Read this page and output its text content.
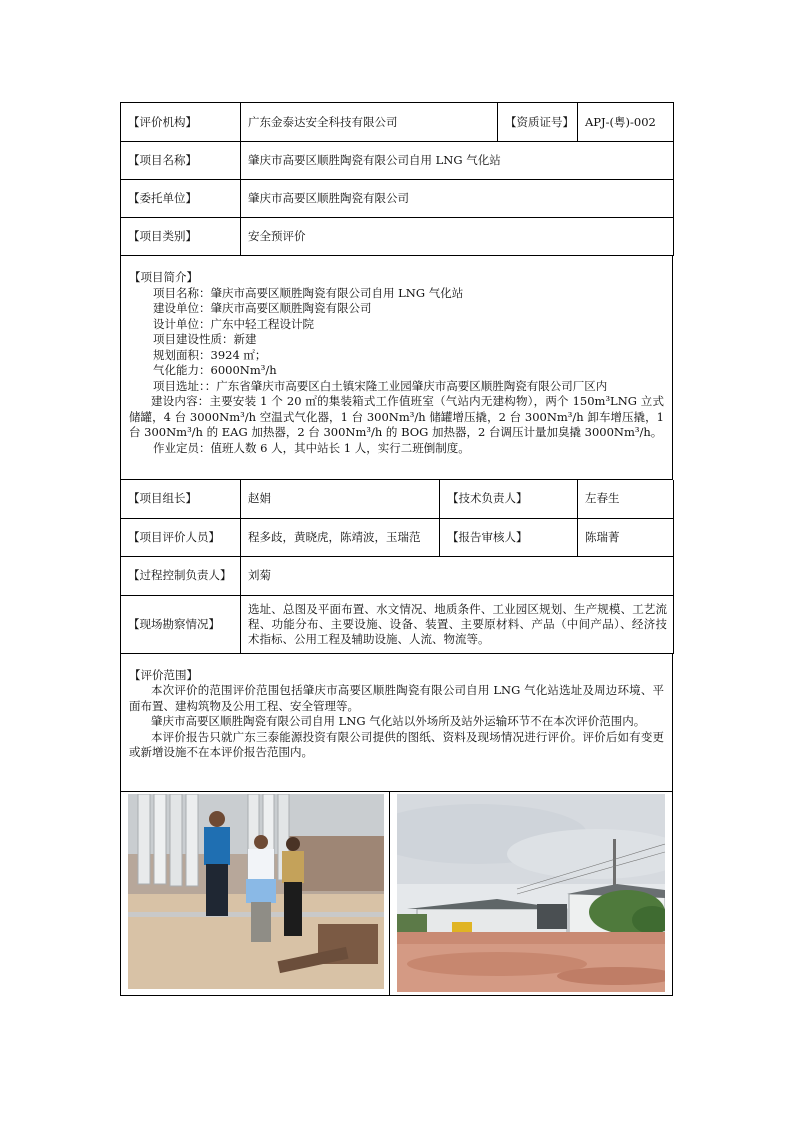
【评价机构】	广东金泰达安全科技有限公司	【资质证号】	APJ-(粤)-002
【项目名称】	肇庆市高要区顺胜陶瓷有限公司自用 LNG 气化站		
【委托单位】	肇庆市高要区顺胜陶瓷有限公司		
【项目类别】	安全预评价		

【项目简介】

项目名称：肇庆市高要区顺胜陶瓷有限公司自用 LNG 气化站

建设单位：肇庆市高要区顺胜陶瓷有限公司

设计单位：广东中轻工程设计院

项目建设性质：新建

规划面积：3924 ㎡；

气化能力：6000Nm³/h

项目选址：：广东省肇庆市高要区白土镇宋隆工业园肇庆市高要区顺胜陶瓷有限公司厂区内

建设内容：主要安装 1 个 20 ㎡的集装箱式工作值班室（气站内无建构物），两个 150m³LNG 立式储罐，4 台 3000Nm³/h 空温式气化器，1 台 300Nm³/h 储罐增压撬，2 台 300Nm³/h 卸车增压撬，1 台 300Nm³/h 的 EAG 加热器，2 台 300Nm³/h 的 BOG 加热器，2 台调压计量加臭撬 3000Nm³/h。

作业定员：值班人数 6 人，其中站长 1 人，实行二班倒制度。

【项目组长】	赵娟	【技术负责人】	左春生
【项目评价人员】	程多歧，黄晓虎，陈靖波，玉瑞范	【报告审核人】	陈瑞菁
【过程控制负责人】	刘菊		
【现场勘察情况】	选址、总图及平面布置、水文情况、地质条件、工业园区规划、生产规模、工艺流程、功能分布、主要设施、设备、装置、主要原材料、产品（中间产品）、经济技术指标、公用工程及辅助设施、人流、物流等。		

【评价范围】

本次评价的范围评价范围包括肇庆市高要区顺胜陶瓷有限公司自用 LNG 气化站选址及周边环境、平面布置、建构筑物及公用工程、安全管理等。

肇庆市高要区顺胜陶瓷有限公司自用 LNG 气化站以外场所及站外运输环节不在本次评价范围内。

本评价报告只就广东三泰能源投资有限公司提供的图纸、资料及现场情况进行评价。评价后如有变更或新增设施不在本评价报告范围内。
